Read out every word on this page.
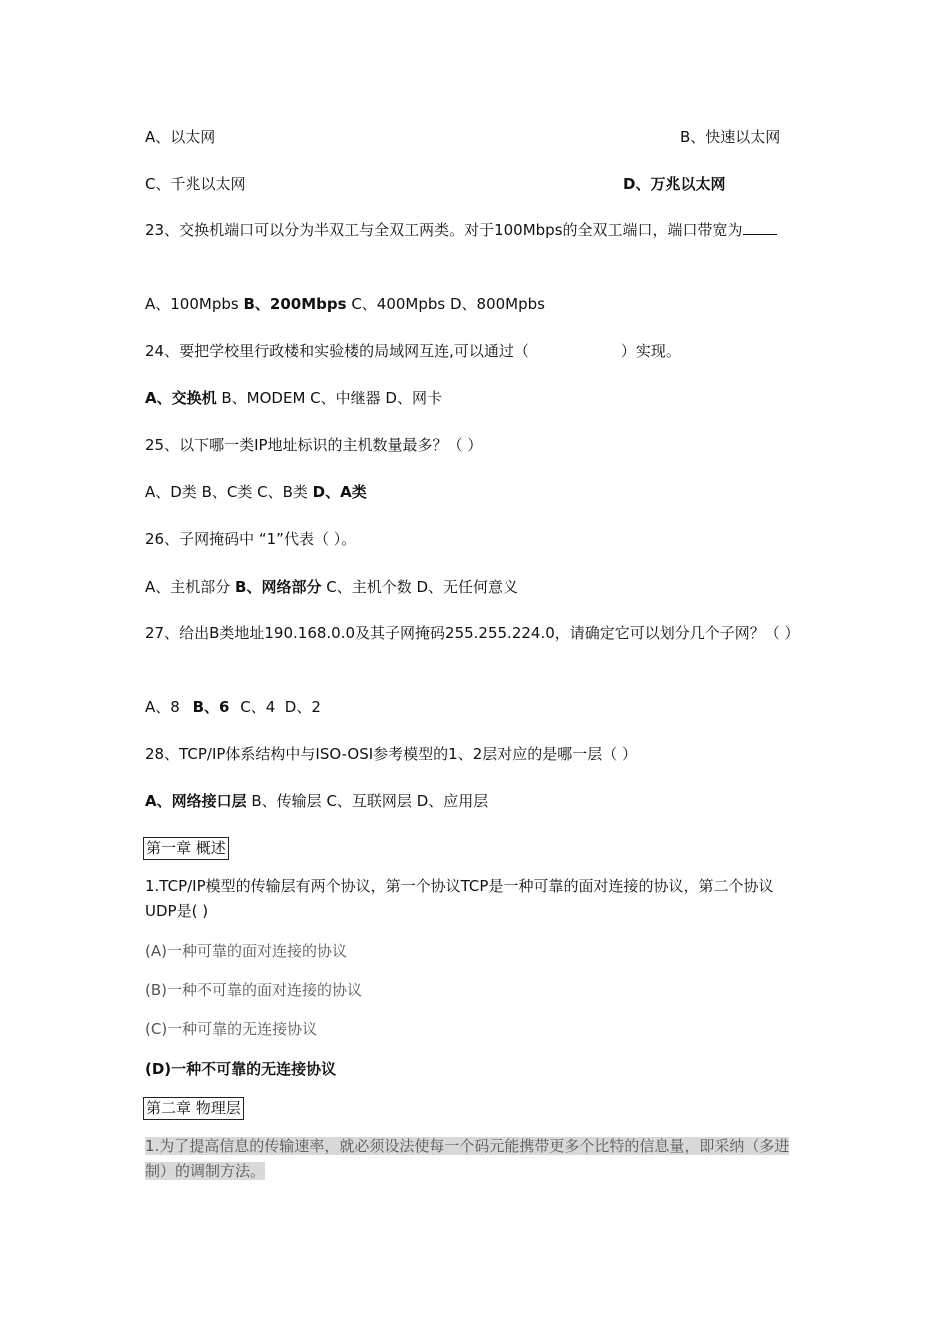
A、以太网	B、快速以太网
C、千兆以太网	D、万兆以太网
23、交换机端口可以分为半双工与全双工两类。对于100Mbps的全双工端口，端口带宽为
A、100Mpbs B、200Mbps C、400Mpbs D、800Mpbs
24、要把学校里行政楼和实验楼的局域网互连,可以通过（	）实现。
A、交换机 B、MODEM C、中继器 D、网卡
25、以下哪一类IP地址标识的主机数量最多？（ ）
A、D类 B、C类 C、B类 D、A类
26、子网掩码中 “1”代表（ ）。
A、主机部分 B、网络部分 C、主机个数 D、无任何意义
27、给出B类地址190.168.0.0及其子网掩码255.255.224.0，请确定它可以划分几个子网？（ ）
A、8 B、6 C、4  D、2
28、TCP/IP体系结构中与ISO-OSI参考模型的1、2层对应的是哪一层（ ）
A、网络接口层 B、传输层 C、互联网层 D、应用层
第一章 概述
1.TCP/IP模型的传输层有两个协议，第一个协议TCP是一种可靠的面对连接的协议，第二个协议UDP是( )
(A)一种可靠的面对连接的协议
(B)一种不可靠的面对连接的协议
(C)一种可靠的无连接协议
(D)一种不可靠的无连接协议
第二章 物理层
1.为了提高信息的传输速率，就必须设法使每一个码元能携带更多个比特的信息量，即采纳（多进制）的调制方法。
